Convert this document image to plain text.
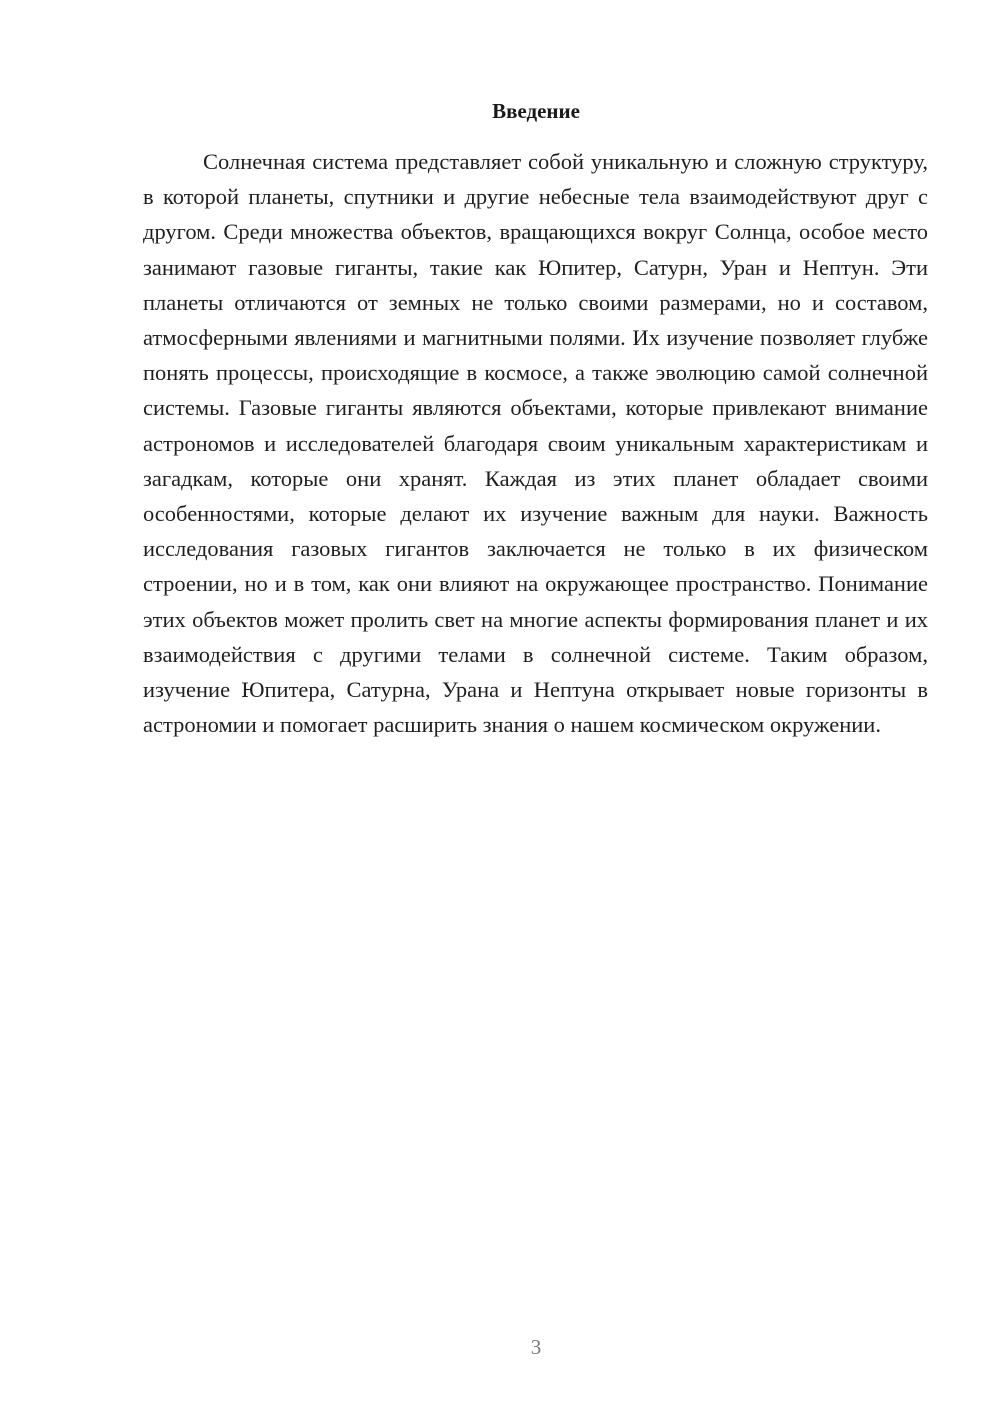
Введение

Солнечная система представляет собой уникальную и сложную структуру, в которой планеты, спутники и другие небесные тела взаимодействуют друг с другом. Среди множества объектов, вращающихся вокруг Солнца, особое место занимают газовые гиганты, такие как Юпитер, Сатурн, Уран и Нептун. Эти планеты отличаются от земных не только своими размерами, но и составом, атмосферными явлениями и магнитными полями. Их изучение позволяет глубже понять процессы, происходящие в космосе, а также эволюцию самой солнечной системы. Газовые гиганты являются объектами, которые привлекают внимание астрономов и исследователей благодаря своим уникальным характеристикам и загадкам, которые они хранят. Каждая из этих планет обладает своими особенностями, которые делают их изучение важным для науки. Важность исследования газовых гигантов заключается не только в их физическом строении, но и в том, как они влияют на окружающее пространство. Понимание этих объектов может пролить свет на многие аспекты формирования планет и их взаимодействия с другими телами в солнечной системе. Таким образом, изучение Юпитера, Сатурна, Урана и Нептуна открывает новые горизонты в астрономии и помогает расширить знания о нашем космическом окружении.

3
